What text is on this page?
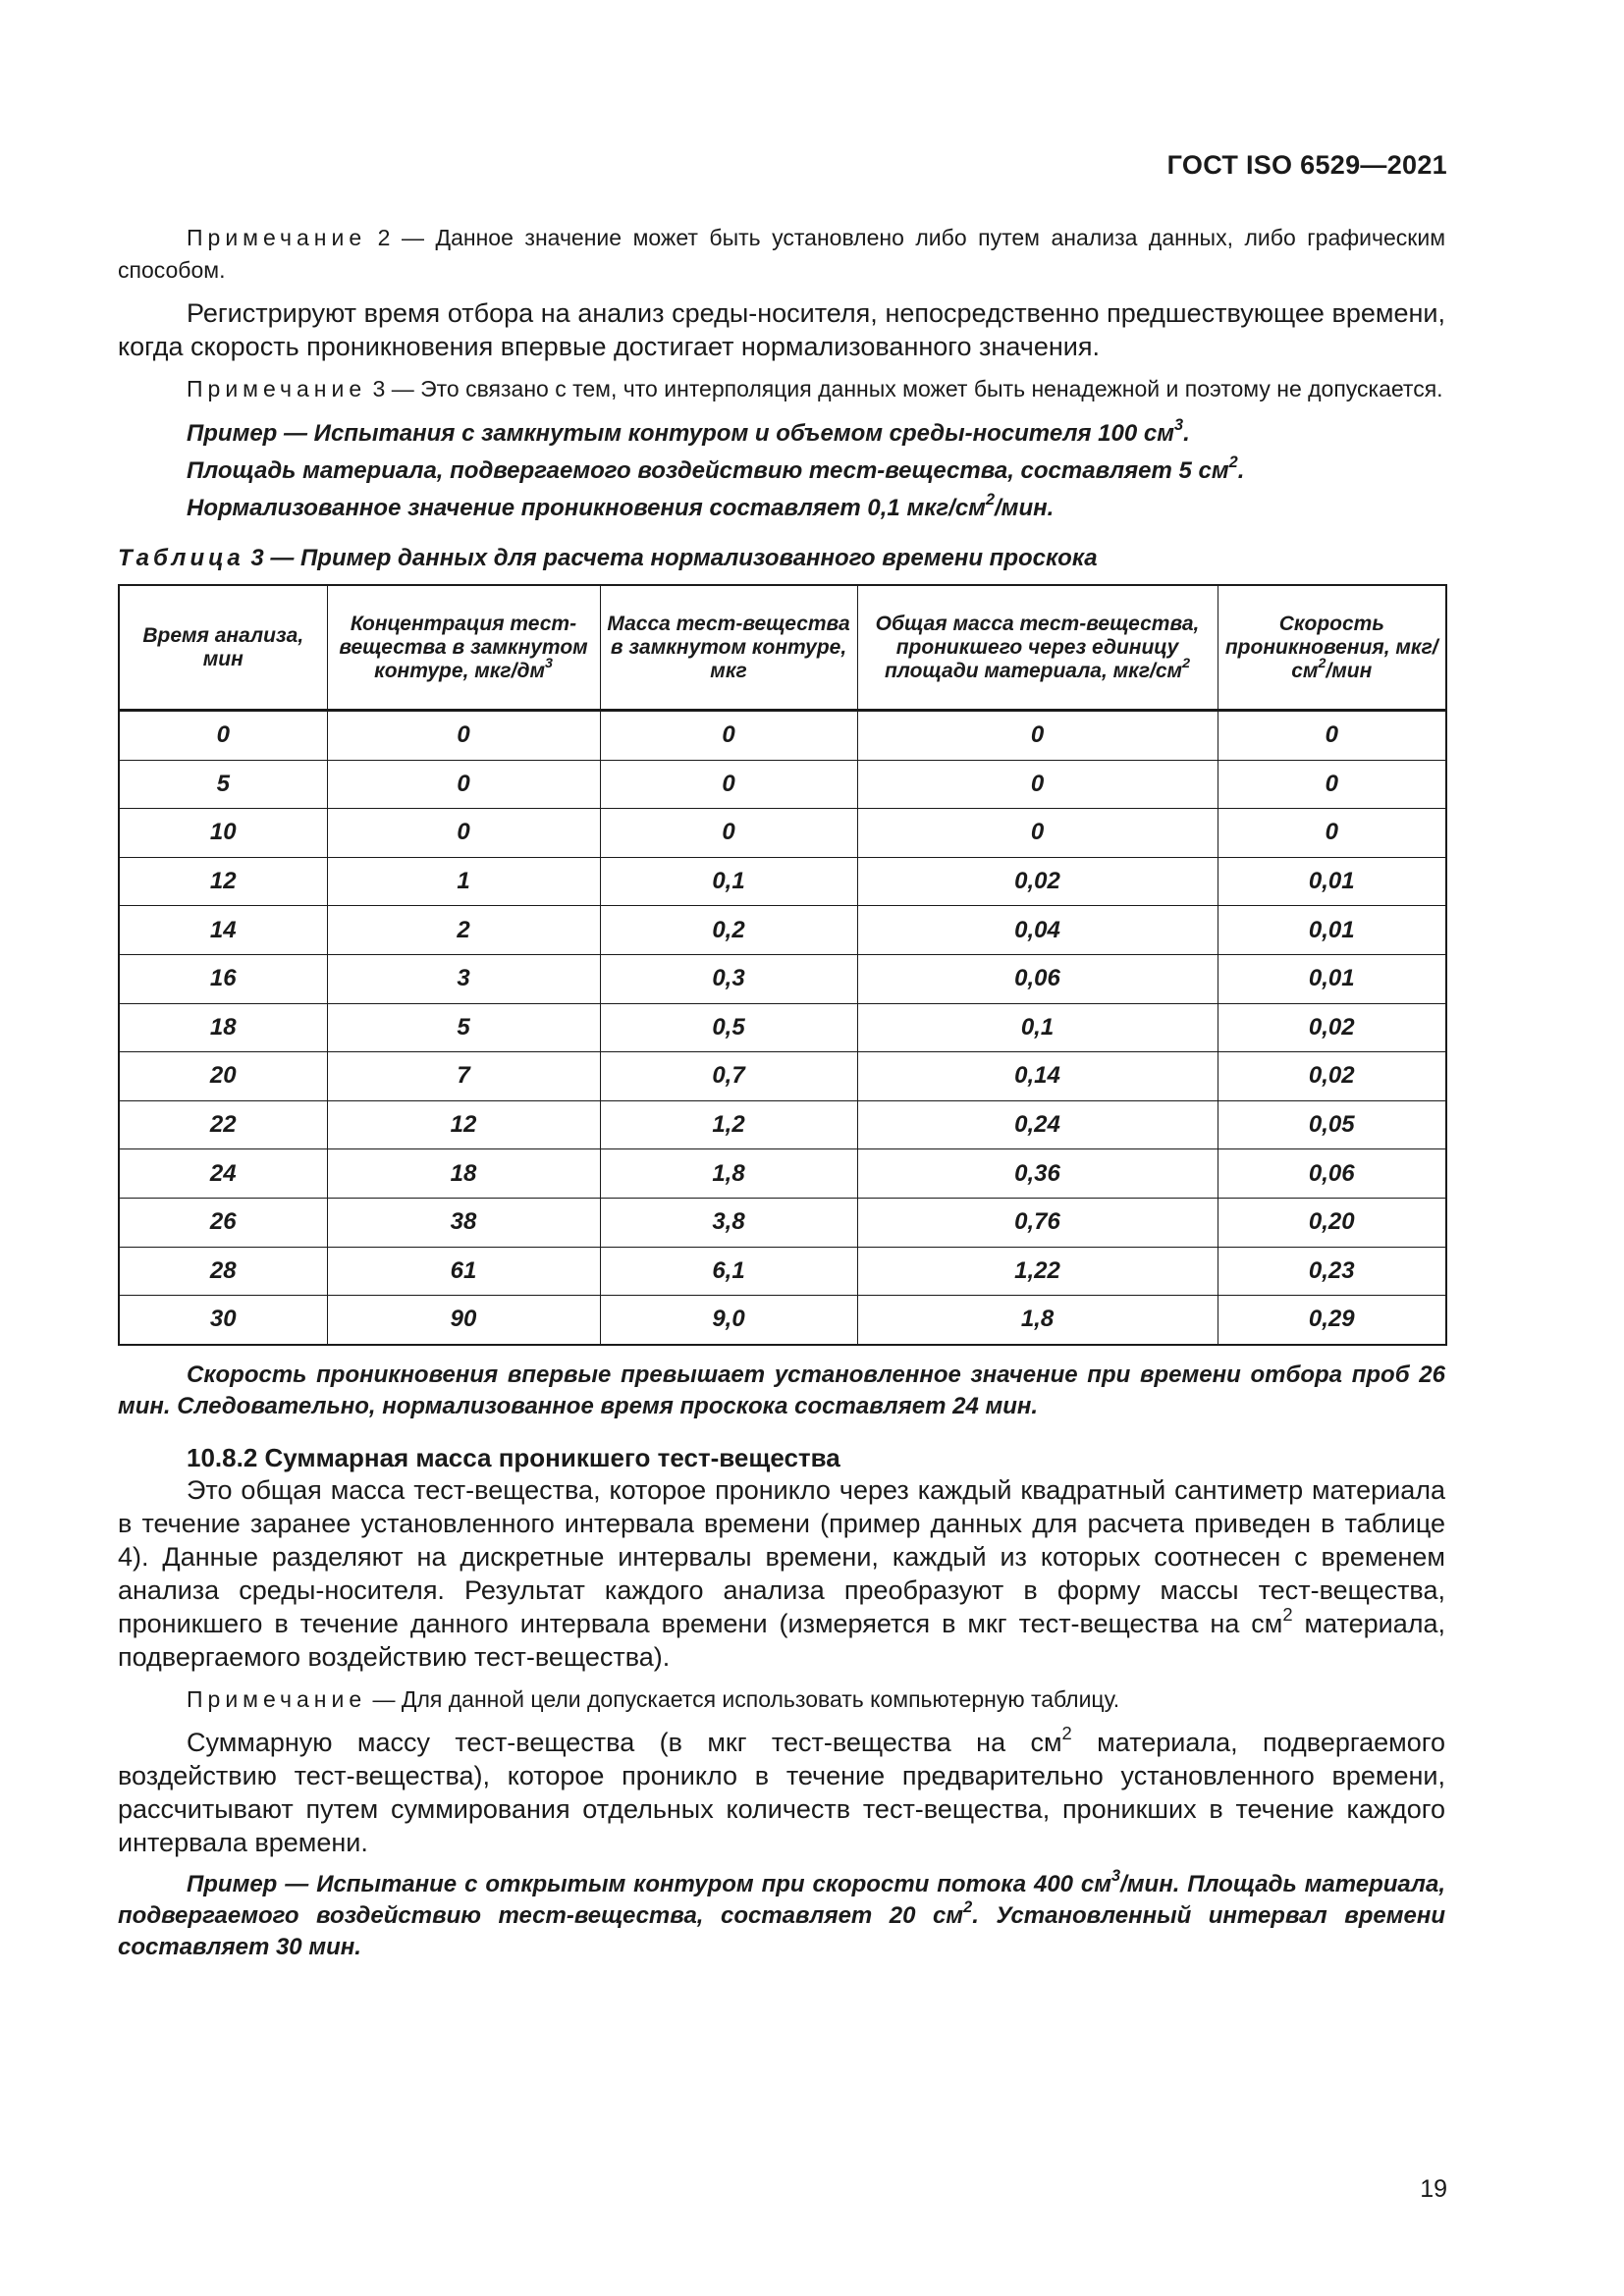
ГОСТ ISO 6529—2021

Примечание 2 — Данное значение может быть установлено либо путем анализа данных, либо графическим способом.

Регистрируют время отбора на анализ среды-носителя, непосредственно предшествующее времени, когда скорость проникновения впервые достигает нормализованного значения.

Примечание 3 — Это связано с тем, что интерполяция данных может быть ненадежной и поэтому не допускается.

Пример — Испытания с замкнутым контуром и объемом среды-носителя 100 $см^3$.

Площадь материала, подвергаемого воздействию тест-вещества, составляет 5 $см^2$.

Нормализованное значение проникновения составляет 0,1 мкг/$см^2$/мин.

Таблица 3 — Пример данных для расчета нормализованного времени проскока
Время анализа, мин	Концентрация тест-вещества в замкнутом контуре, мкг/$дм^3$	Масса тест-вещества в замкнутом контуре, мкг	Общая масса тест-вещества, проникшего через единицу площади материала, мкг/$см^2$	Скорость проникновения, мкг/$см^2$/мин
0	0	0	0	0
5	0	0	0	0
10	0	0	0	0
12	1	0,1	0,02	0,01
14	2	0,2	0,04	0,01
16	3	0,3	0,06	0,01
18	5	0,5	0,1	0,02
20	7	0,7	0,14	0,02
22	12	1,2	0,24	0,05
24	18	1,8	0,36	0,06
26	38	3,8	0,76	0,20
28	61	6,1	1,22	0,23
30	90	9,0	1,8	0,29

Скорость проникновения впервые превышает установленное значение при времени отбора проб 26 мин. Следовательно, нормализованное время проскока составляет 24 мин.

10.8.2 Суммарная масса проникшего тест-вещества

Это общая масса тест-вещества, которое проникло через каждый квадратный сантиметр материала в течение заранее установленного интервала времени (пример данных для расчета приведен в таблице 4). Данные разделяют на дискретные интервалы времени, каждый из которых соотнесен с временем анализа среды-носителя. Результат каждого анализа преобразуют в форму массы тест-вещества, проникшего в течение данного интервала времени (измеряется в мкг тест-вещества на $см^2$ материала, подвергаемого воздействию тест-вещества).

Примечание — Для данной цели допускается использовать компьютерную таблицу.

Суммарную массу тест-вещества (в мкг тест-вещества на $см^2$ материала, подвергаемого воздействию тест-вещества), которое проникло в течение предварительно установленного времени, рассчитывают путем суммирования отдельных количеств тест-вещества, проникших в течение каждого интервала времени.

Пример — Испытание с открытым контуром при скорости потока 400 $см^3$/мин. Площадь материала, подвергаемого воздействию тест-вещества, составляет 20 $см^2$. Установленный интервал времени составляет 30 мин.

19
